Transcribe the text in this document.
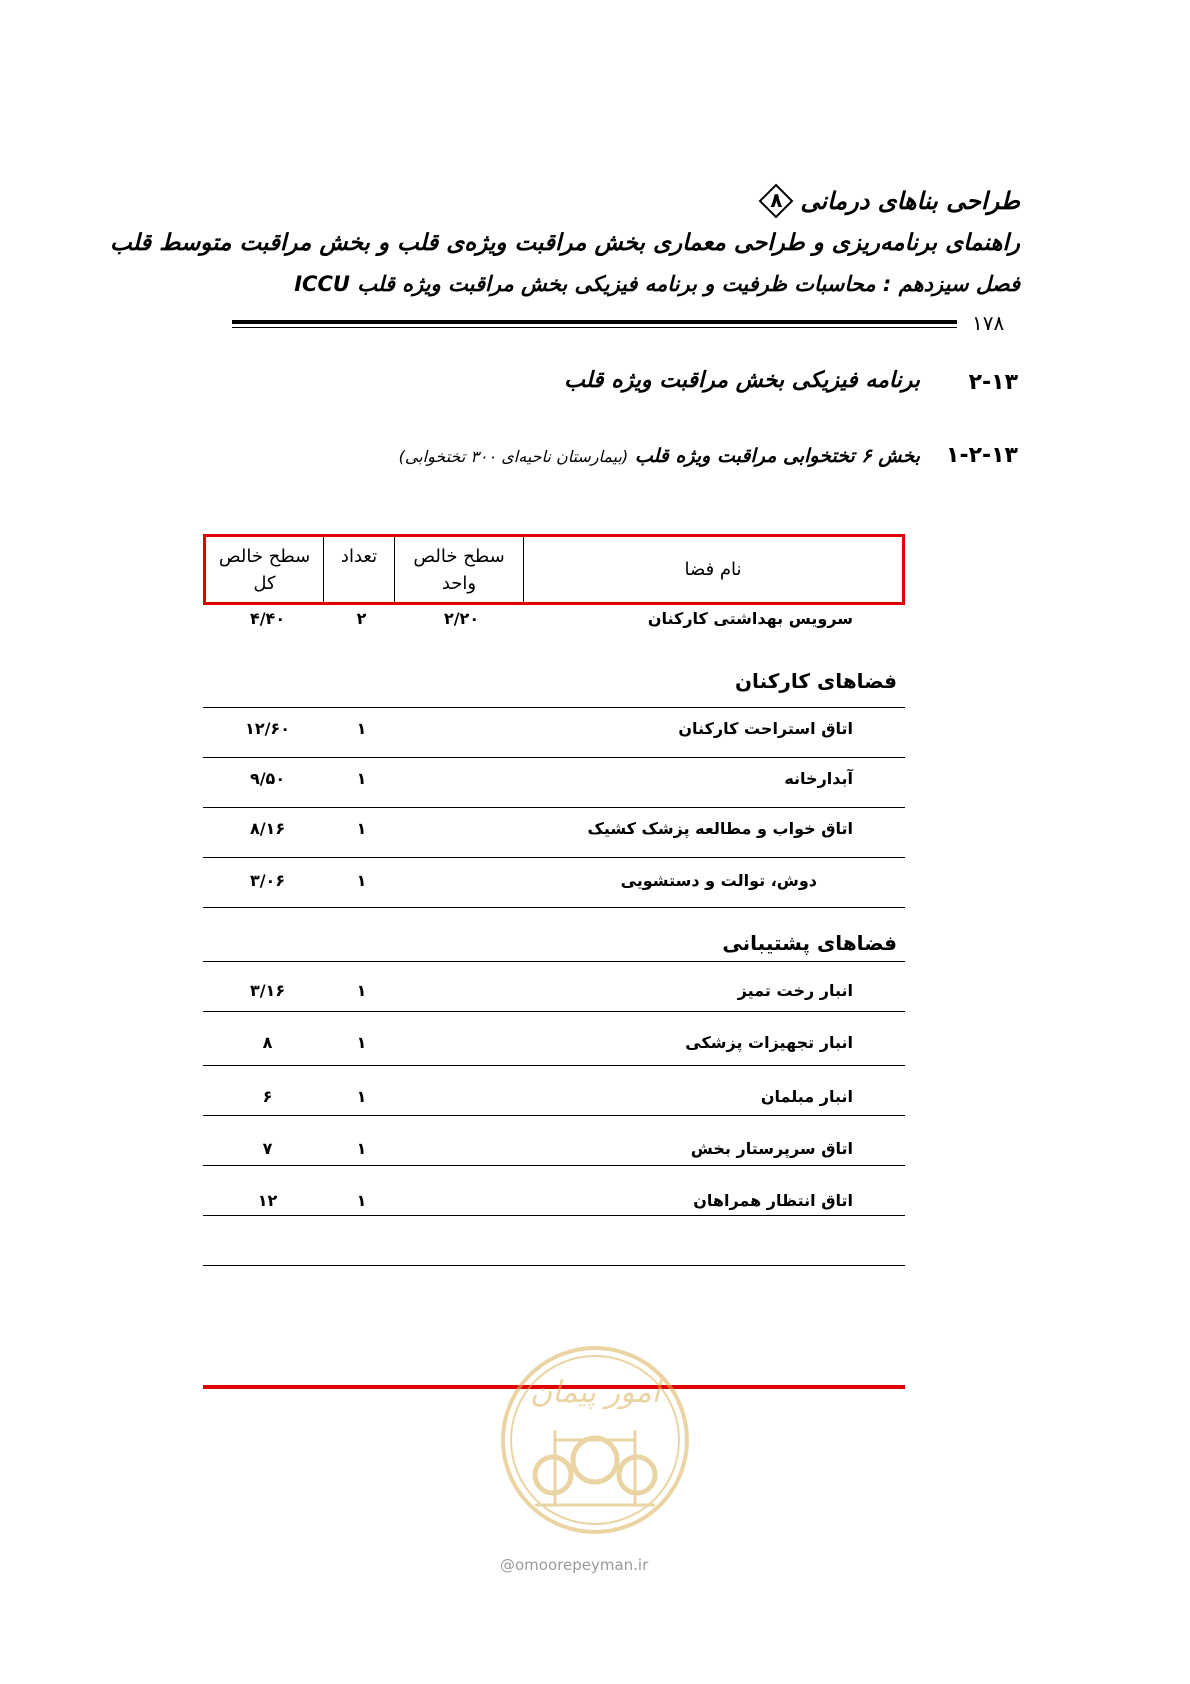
طراحی بناهای درمانی
۸
راهنمای برنامه‌ریزی و طراحی معماری بخش مراقبت ویژه‌ی قلب و بخش مراقبت متوسط قلب
فصل سیزدهم : محاسبات ظرفیت و برنامه فیزیکی بخش مراقبت ویژه قلب ICCU
۱۷۸
۲-۱۳
برنامه فیزیکی بخش مراقبت ویژه قلب
۱-۲-۱۳
بخش ۶ تختخوابی مراقبت ویژه قلب (بیمارستان ناحیه‌ای ۳۰۰ تختخوابی)
نام فضا
سطح خالص واحد
تعداد
سطح خالص کل
سرویس بهداشتی کارکنان
۲/۲۰
۲
۴/۴۰
فضاهای کارکنان
اتاق استراحت کارکنان
۱
۱۲/۶۰
آبدارخانه
۱
۹/۵۰
اتاق خواب و مطالعه پزشک کشیک
۱
۸/۱۶
دوش، توالت و دستشویی
۱
۳/۰۶
فضاهای پشتیبانی
انبار رخت تمیز
۱
۳/۱۶
انبار تجهیزات پزشکی
۱
۸
انبار مبلمان
۱
۶
اتاق سرپرستار بخش
۱
۷
اتاق انتظار همراهان
۱
۱۲
امور پیمان
@omoorepeyman.ir
